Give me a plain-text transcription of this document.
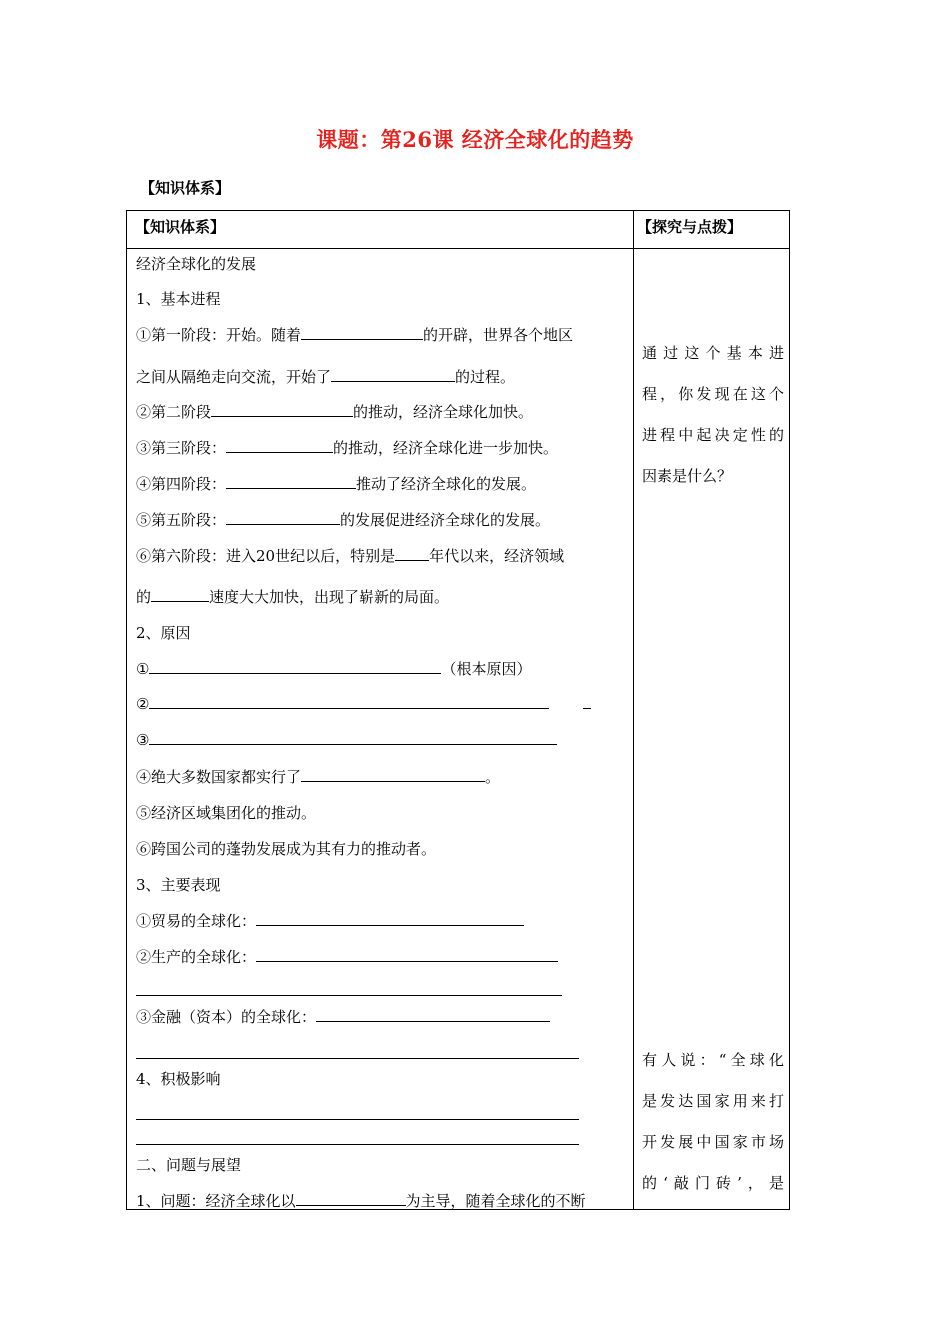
课题：第26课 经济全球化的趋势
【知识体系】
【知识体系】	【探究与点拨】
经济全球化的发展
1、基本进程
①第一阶段：开始。随着	的开辟，世界各个地区
之间从隔绝走向交流，开始了	的过程。
②第二阶段	的推动，经济全球化加快。
③第三阶段：	的推动，经济全球化进一步加快。
④第四阶段：	推动了经济全球化的发展。
⑤第五阶段：	的发展促进经济全球化的发展。
⑥第六阶段：进入20世纪以后，特别是 年代以来，经济领域
的	速度大大加快，出现了崭新的局面。
2、原因
①	（根本原因）
②
③
④绝大多数国家都实行了	。
⑤经济区域集团化的推动。
⑥跨国公司的蓬勃发展成为其有力的推动者。
3、主要表现
①贸易的全球化：
②生产的全球化：
③金融（资本）的全球化：
4、积极影响
二、问题与展望
1、问题：经济全球化以	为主导，随着全球化的不断
通过这个基本进
程，你发现在这个
进程中起决定性的
因素是什么？
有人说：“全球化
是发达国家用来打
开发展中国家市场
的‘敲门砖’，是
